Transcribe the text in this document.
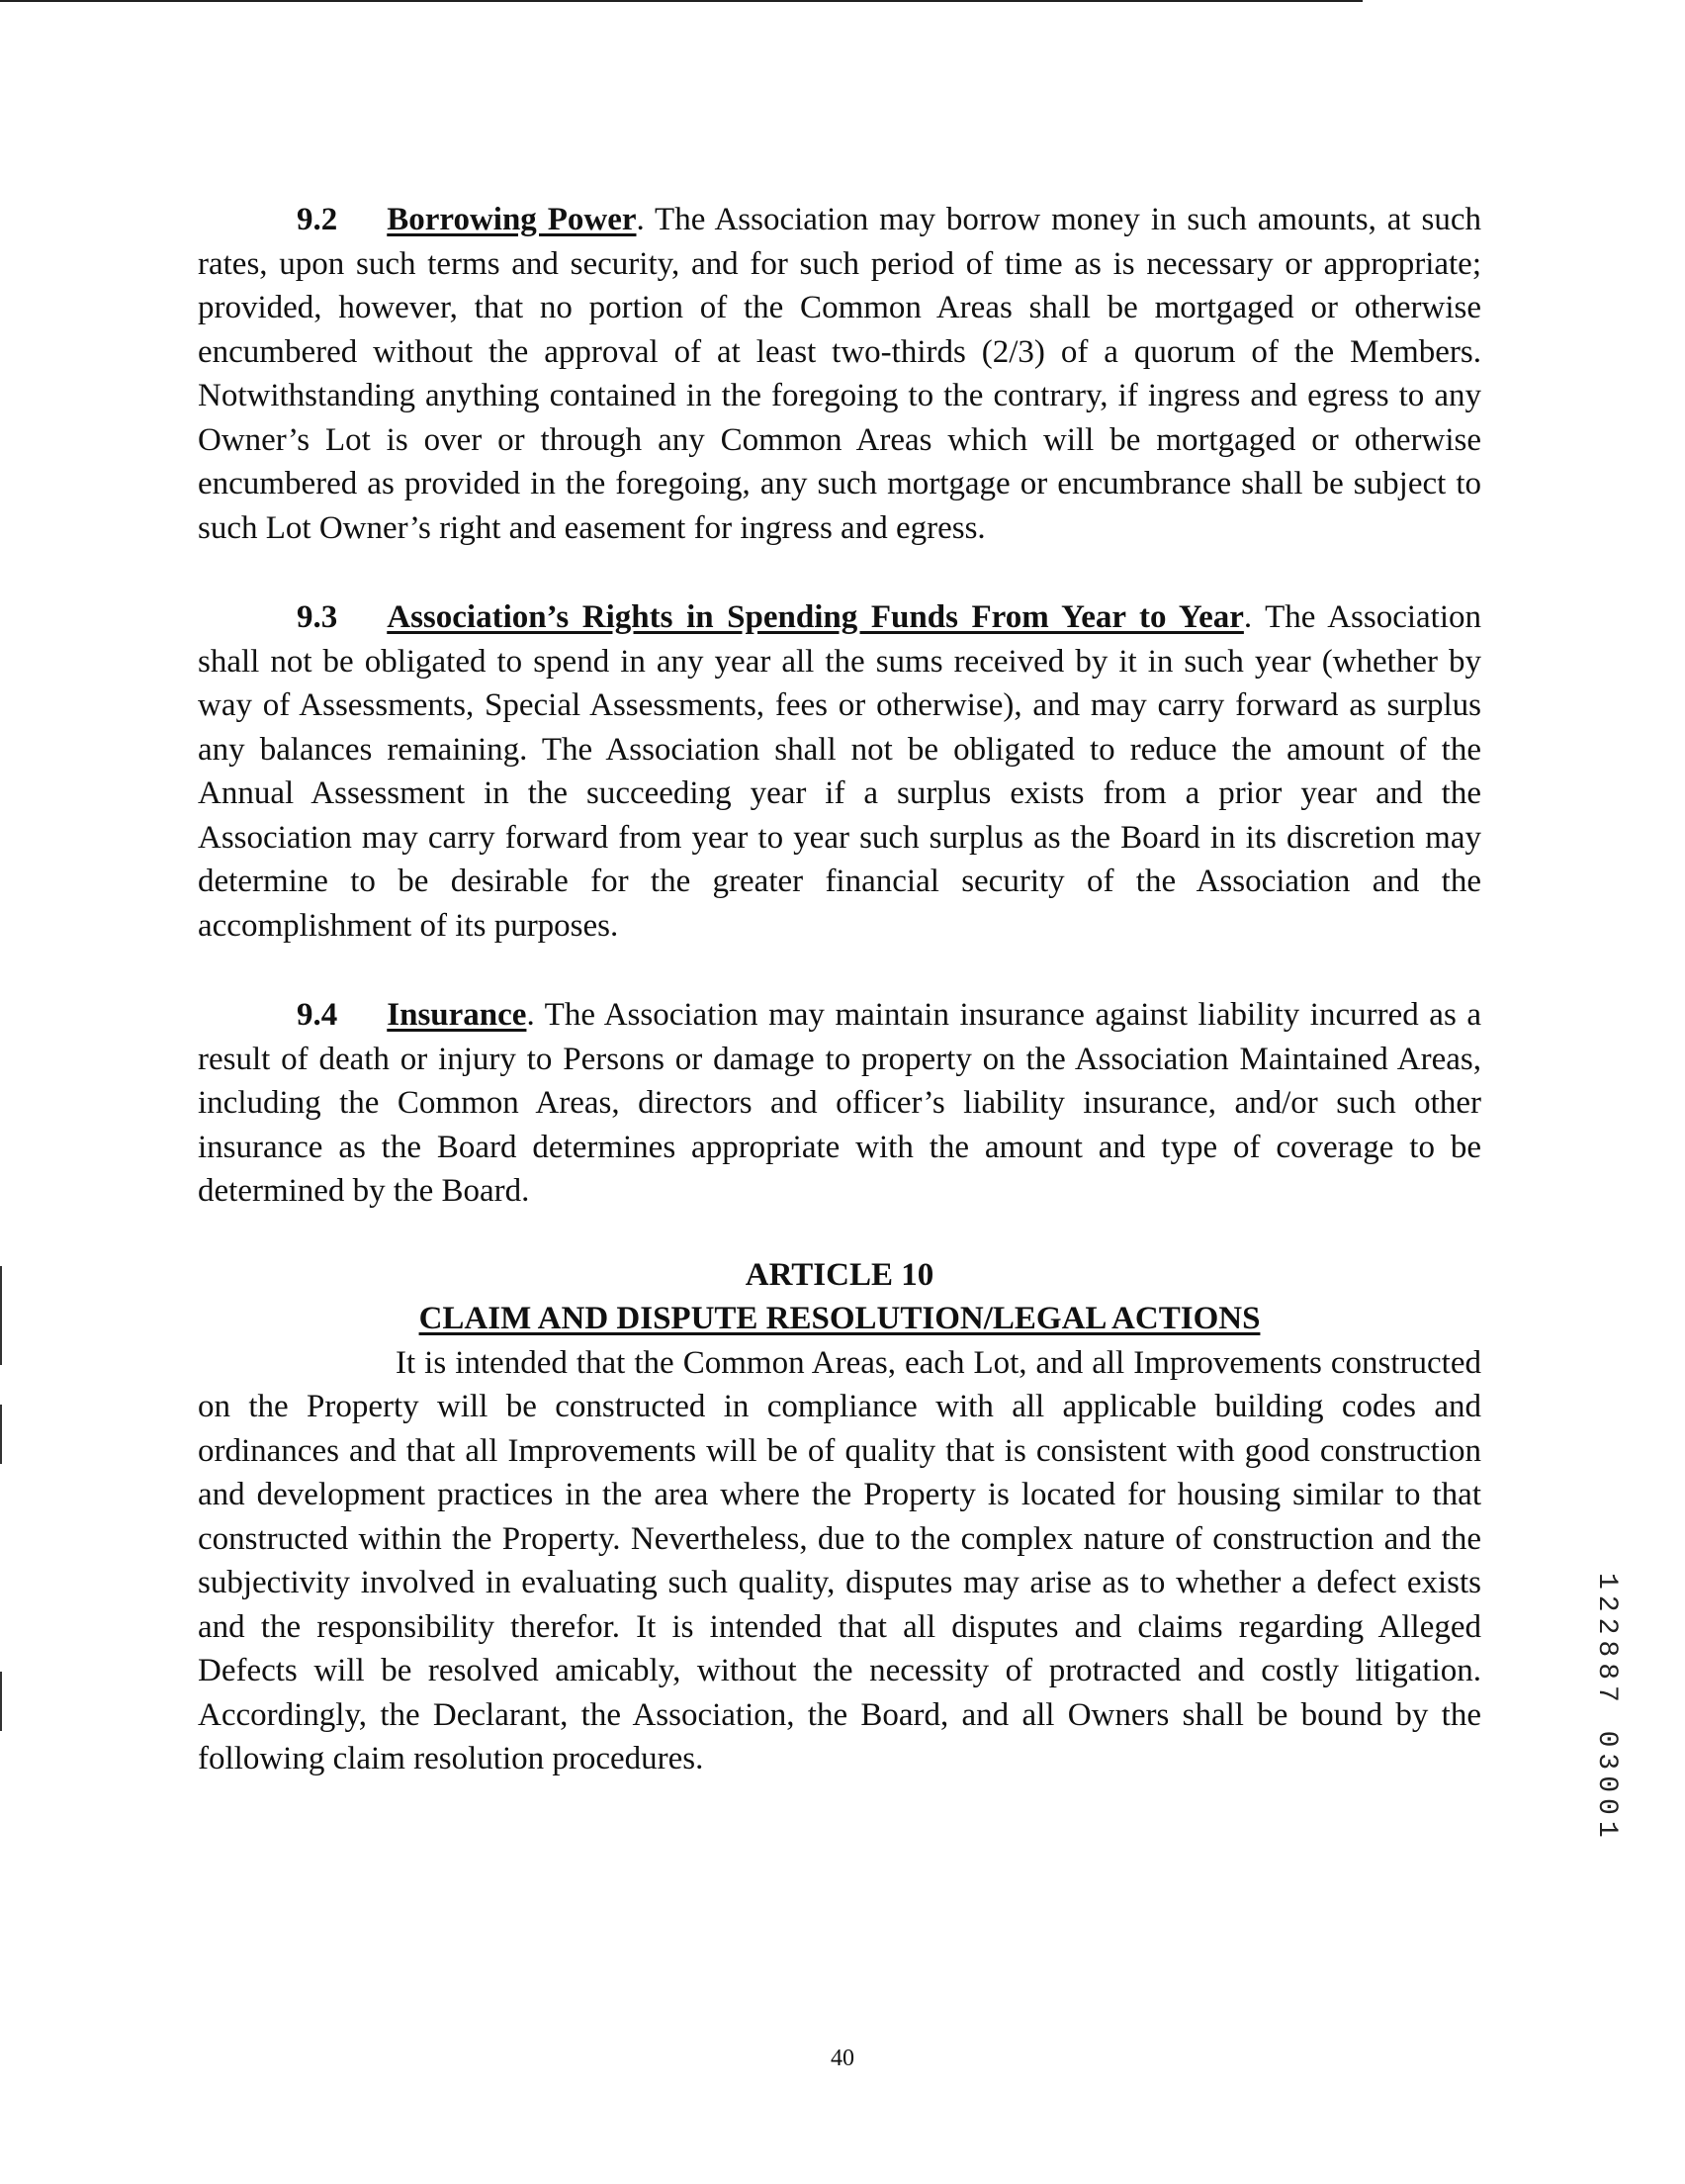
9.2 Borrowing Power. The Association may borrow money in such amounts, at such rates, upon such terms and security, and for such period of time as is necessary or appropriate; provided, however, that no portion of the Common Areas shall be mortgaged or otherwise encumbered without the approval of at least two-thirds (2/3) of a quorum of the Members. Notwithstanding anything contained in the foregoing to the contrary, if ingress and egress to any Owner’s Lot is over or through any Common Areas which will be mortgaged or otherwise encumbered as provided in the foregoing, any such mortgage or encumbrance shall be subject to such Lot Owner’s right and easement for ingress and egress.

9.3 Association’s Rights in Spending Funds From Year to Year. The Association shall not be obligated to spend in any year all the sums received by it in such year (whether by way of Assessments, Special Assessments, fees or otherwise), and may carry forward as surplus any balances remaining. The Association shall not be obligated to reduce the amount of the Annual Assessment in the succeeding year if a surplus exists from a prior year and the Association may carry forward from year to year such surplus as the Board in its discretion may determine to be desirable for the greater financial security of the Association and the accomplishment of its purposes.

9.4 Insurance. The Association may maintain insurance against liability incurred as a result of death or injury to Persons or damage to property on the Association Maintained Areas, including the Common Areas, directors and officer’s liability insurance, and/or such other insurance as the Board determines appropriate with the amount and type of coverage to be determined by the Board.

ARTICLE 10
CLAIM AND DISPUTE RESOLUTION/LEGAL ACTIONS

It is intended that the Common Areas, each Lot, and all Improvements constructed on the Property will be constructed in compliance with all applicable building codes and ordinances and that all Improvements will be of quality that is consistent with good construction and development practices in the area where the Property is located for housing similar to that constructed within the Property. Nevertheless, due to the complex nature of construction and the subjectivity involved in evaluating such quality, disputes may arise as to whether a defect exists and the responsibility therefor. It is intended that all disputes and claims regarding Alleged Defects will be resolved amicably, without the necessity of protracted and costly litigation. Accordingly, the Declarant, the Association, the Board, and all Owners shall be bound by the following claim resolution procedures.

40
122887 03001
